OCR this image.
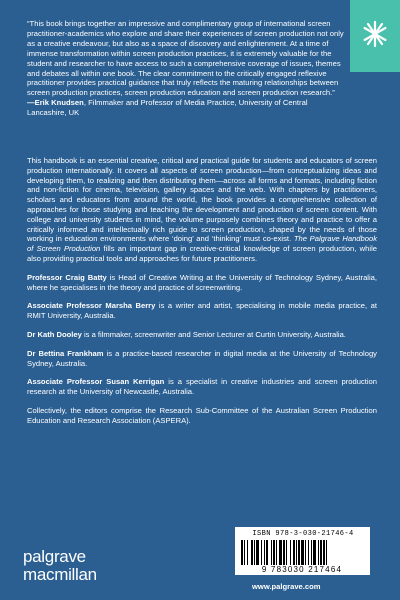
“This book brings together an impressive and complimentary group of international screen practitioner-academics who explore and share their experiences of screen production not only as a creative endeavour, but also as a space of discovery and enlightenment. At a time of immense transformation within screen production practices, it is extremely valuable for the student and researcher to have access to such a comprehensive coverage of issues, themes and debates all within one book. The clear commitment to the critically engaged reflexive practitioner provides practical guidance that truly reflects the maturing relationships between screen production practices, screen production education and screen production research.”

—Erik Knudsen, Filmmaker and Professor of Media Practice, University of Central Lancashire, UK

This handbook is an essential creative, critical and practical guide for students and educators of screen production internationally. It covers all aspects of screen production—from conceptualizing ideas and developing them, to realizing and then distributing them—across all forms and formats, including fiction and non-fiction for cinema, television, gallery spaces and the web. With chapters by practitioners, scholars and educators from around the world, the book provides a comprehensive collection of approaches for those studying and teaching the development and production of screen content. With college and university students in mind, the volume purposely combines theory and practice to offer a critically informed and intellectually rich guide to screen production, shaped by the needs of those working in education environments where ‘doing’ and ‘thinking’ must co-exist. The Palgrave Handbook of Screen Production fills an important gap in creative-critical knowledge of screen production, while also providing practical tools and approaches for future practitioners.

Professor Craig Batty is Head of Creative Writing at the University of Technology Sydney, Australia, where he specialises in the theory and practice of screenwriting.

Associate Professor Marsha Berry is a writer and artist, specialising in mobile media practice, at RMIT University, Australia.

Dr Kath Dooley is a filmmaker, screenwriter and Senior Lecturer at Curtin University, Australia.

Dr Bettina Frankham is a practice-based researcher in digital media at the University of Technology Sydney, Australia.

Associate Professor Susan Kerrigan is a specialist in creative industries and screen production research at the University of Newcastle, Australia.

Collectively, the editors comprise the Research Sub-Committee of the Australian Screen Production Education and Research Association (ASPERA).

ISBN 978-3-030-21746-4
9 783030 217464
www.palgrave.com
palgrave
macmillan
